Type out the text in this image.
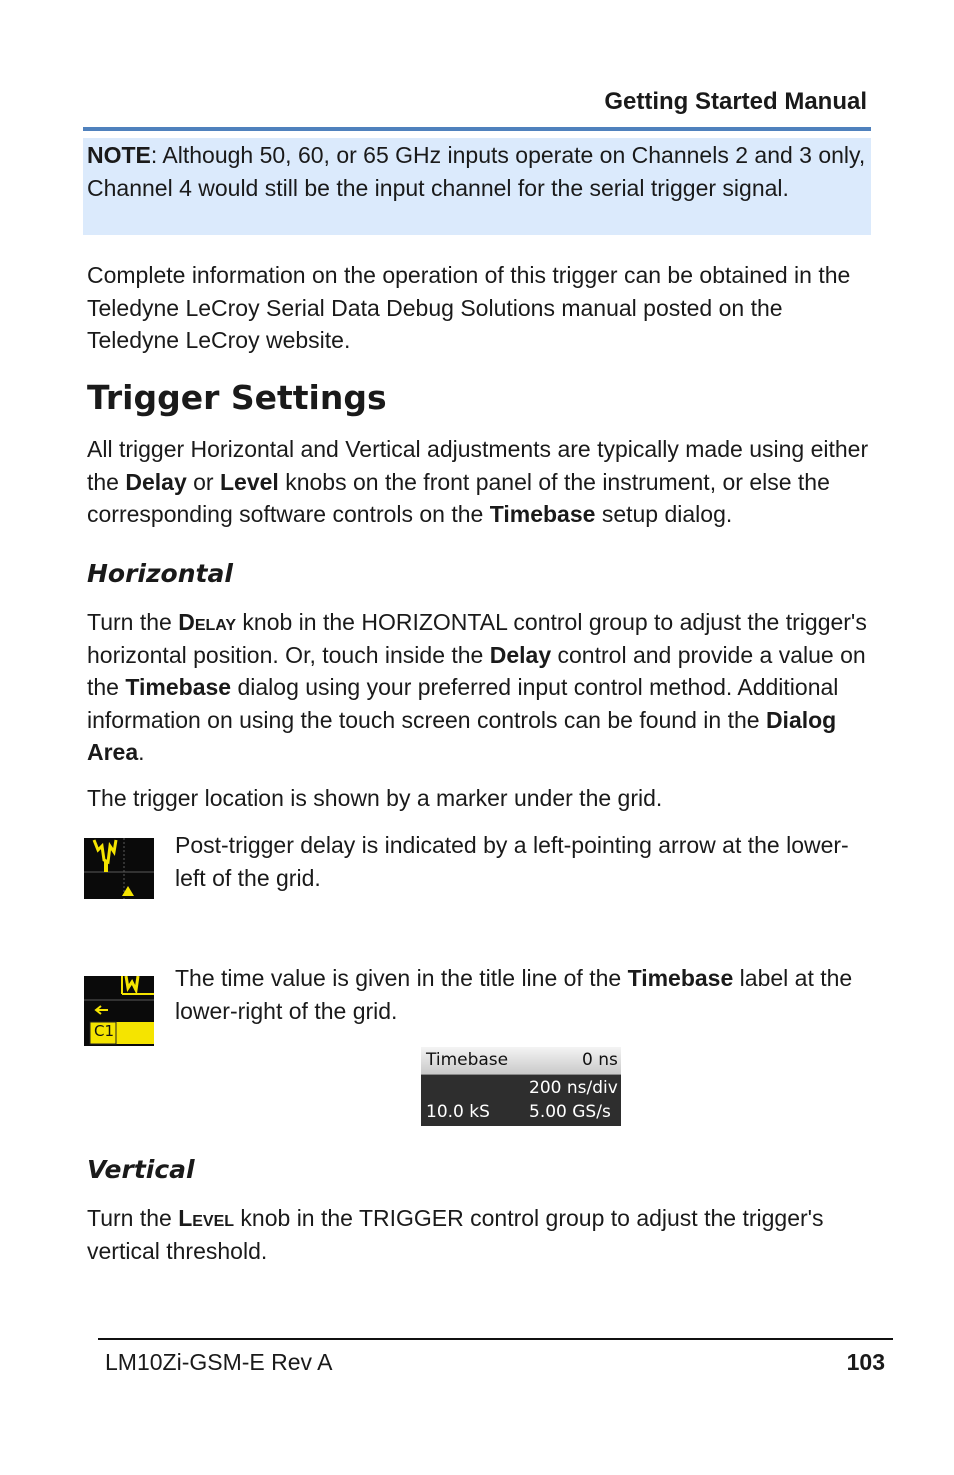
Getting Started Manual
NOTE: Although 50, 60, or 65 GHz inputs operate on Channels 2 and 3 only, Channel 4 would still be the input channel for the serial trigger signal.
Complete information on the operation of this trigger can be obtained in the Teledyne LeCroy Serial Data Debug Solutions manual posted on the Teledyne LeCroy website.
Trigger Settings
All trigger Horizontal and Vertical adjustments are typically made using either the Delay or Level knobs on the front panel of the instrument, or else the corresponding software controls on the Timebase setup dialog.
Horizontal
Turn the Delay knob in the HORIZONTAL control group to adjust the trigger's horizontal position. Or, touch inside the Delay control and provide a value on the Timebase dialog using your preferred input control method. Additional information on using the touch screen controls can be found in the Dialog Area.
The trigger location is shown by a marker under the grid.
Post-trigger delay is indicated by a left-pointing arrow at the lower-left of the grid.
C1
The time value is given in the title line of the Timebase label at the lower-right of the grid.
Timebase	0 ns
200 ns/div
10.0 kS 5.00 GS/s
Vertical
Turn the Level knob in the TRIGGER control group to adjust the trigger's vertical threshold.
LM10Zi-GSM-E Rev A	103
